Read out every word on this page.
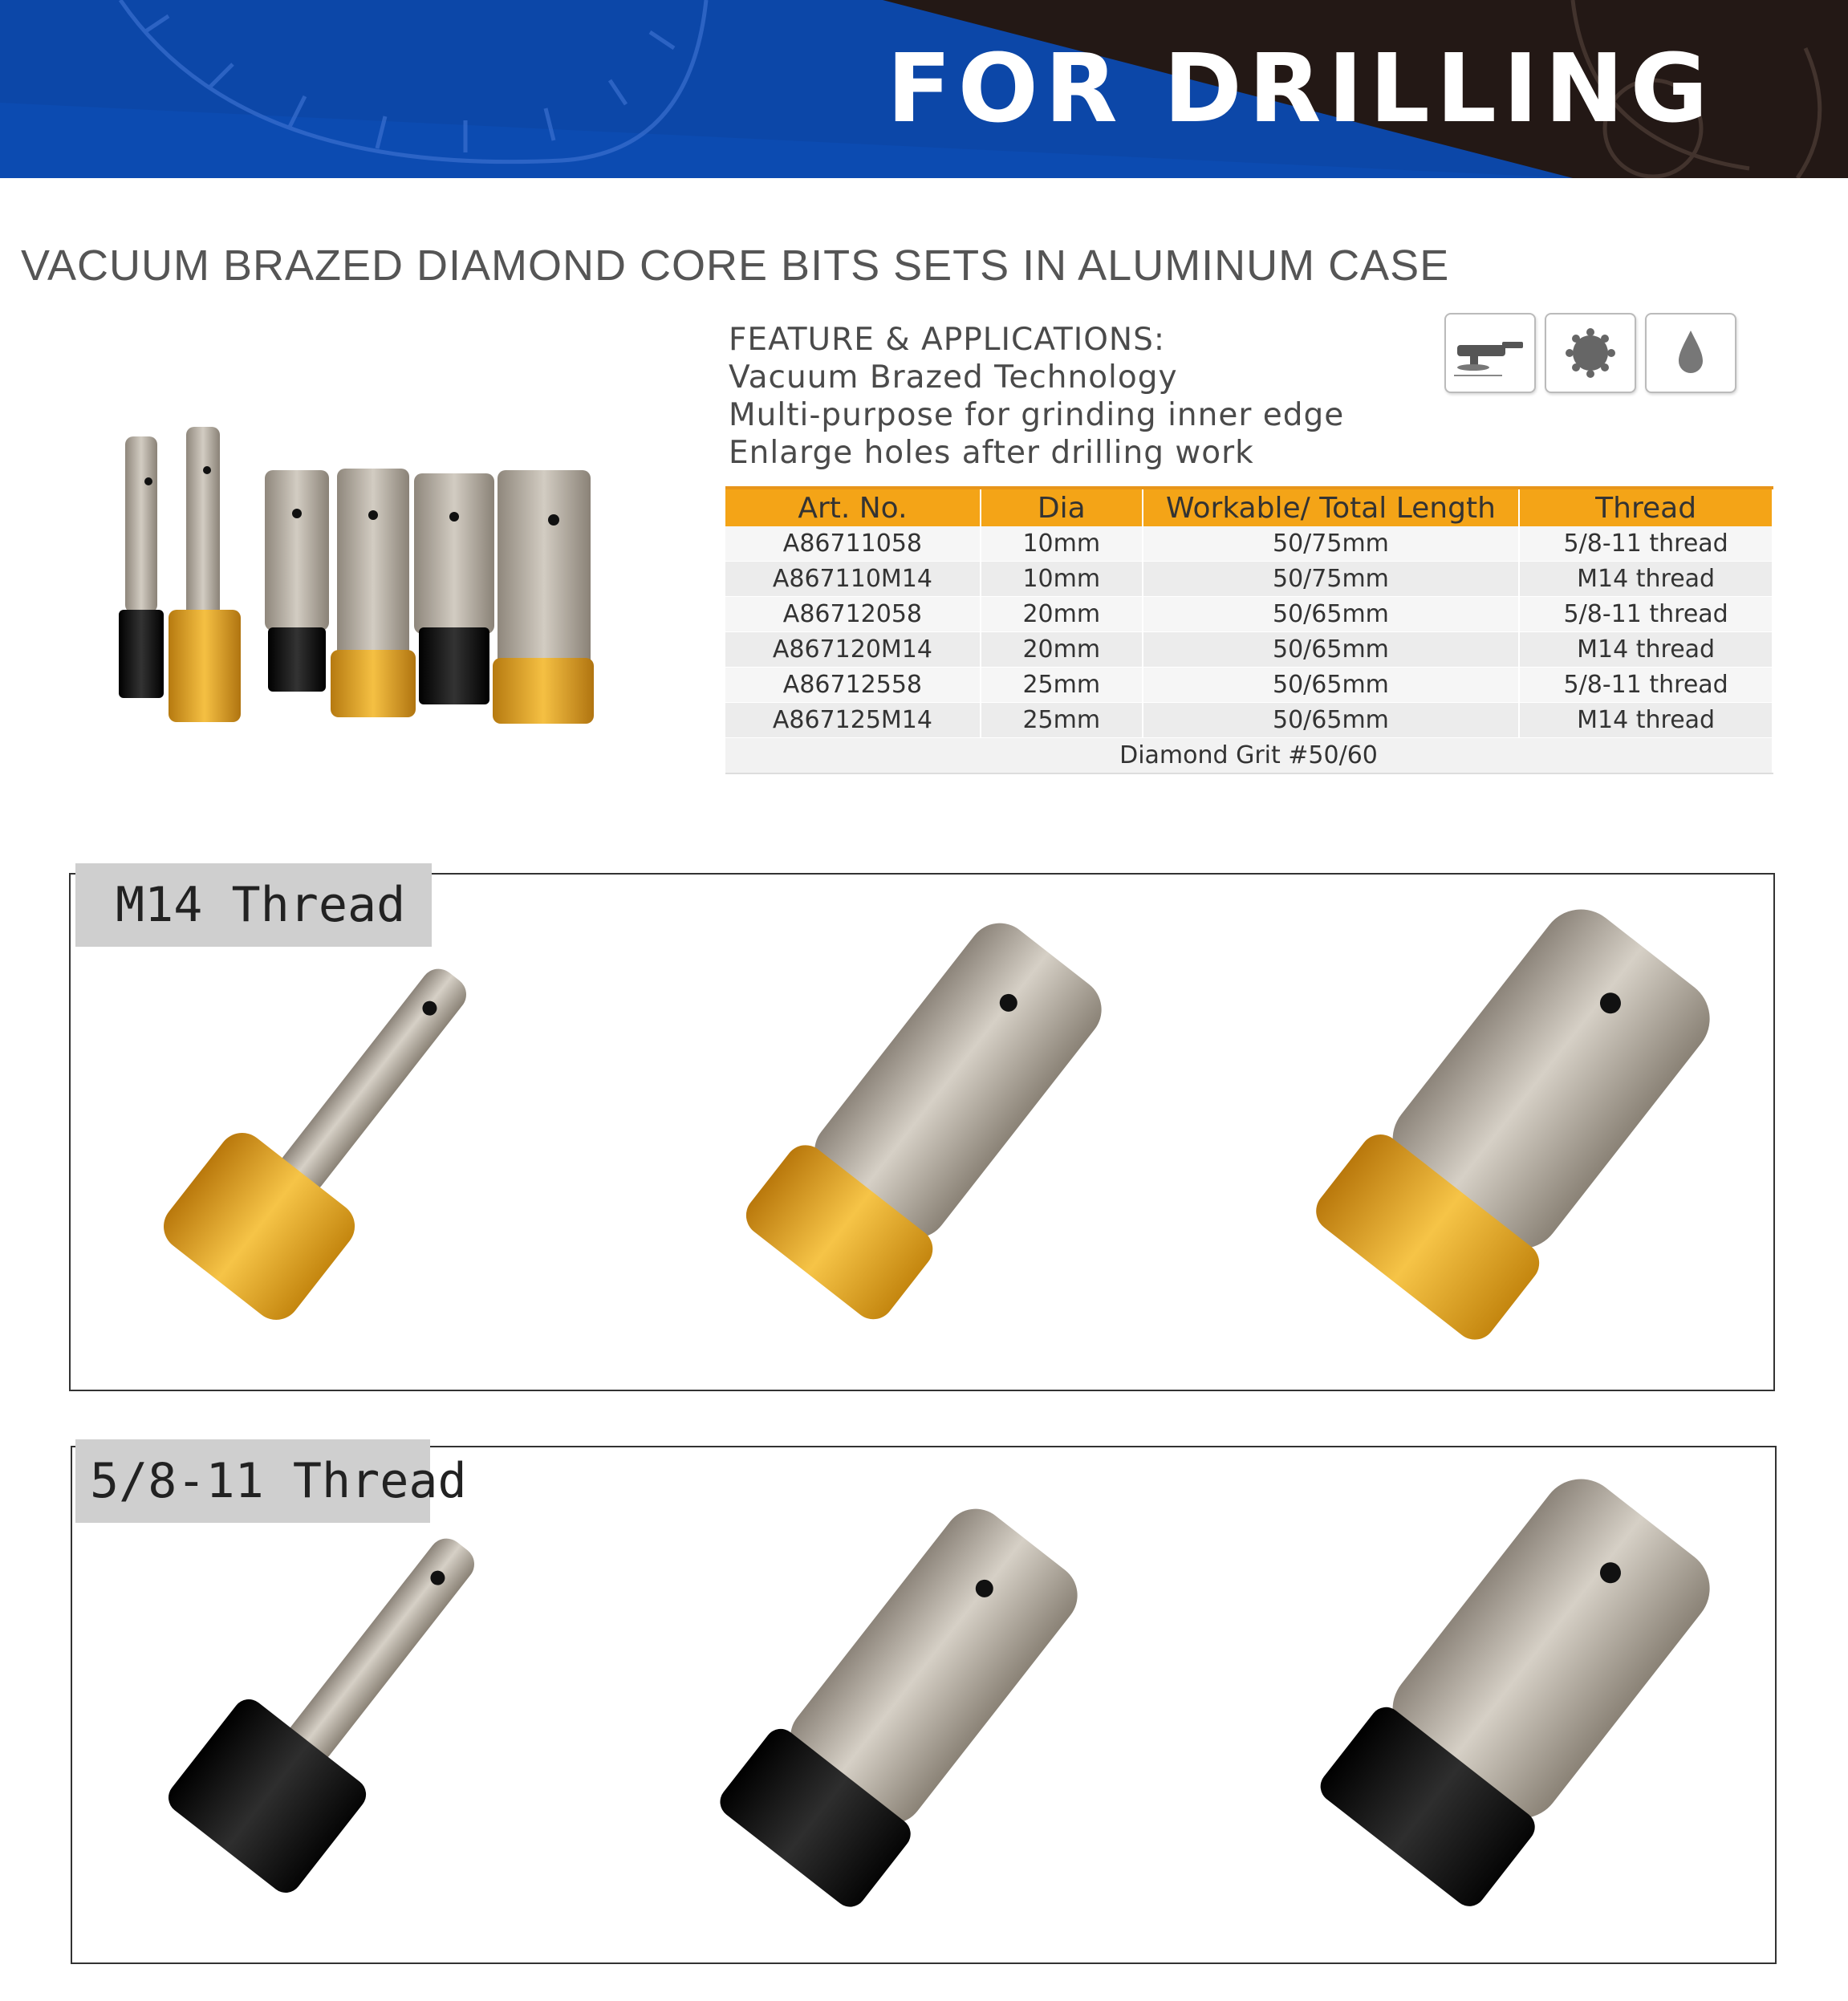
FOR DRILLING
VACUUM BRAZED DIAMOND CORE BITS SETS IN ALUMINUM CASE
FEATURE & APPLICATIONS:
Vacuum Brazed Technology
Multi-purpose for grinding inner edge
Enlarge holes after drilling work
Art. No.	Dia	Workable/ Total Length	Thread
A86711058	10mm	50/75mm	5/8-11 thread
A867110M14	10mm	50/75mm	M14 thread
A86712058	20mm	50/65mm	5/8-11 thread
A867120M14	20mm	50/65mm	M14 thread
A86712558	25mm	50/65mm	5/8-11 thread
A867125M14	25mm	50/65mm	M14 thread
Diamond Grit #50/60			
M14 Thread
5/8-11 Thread
